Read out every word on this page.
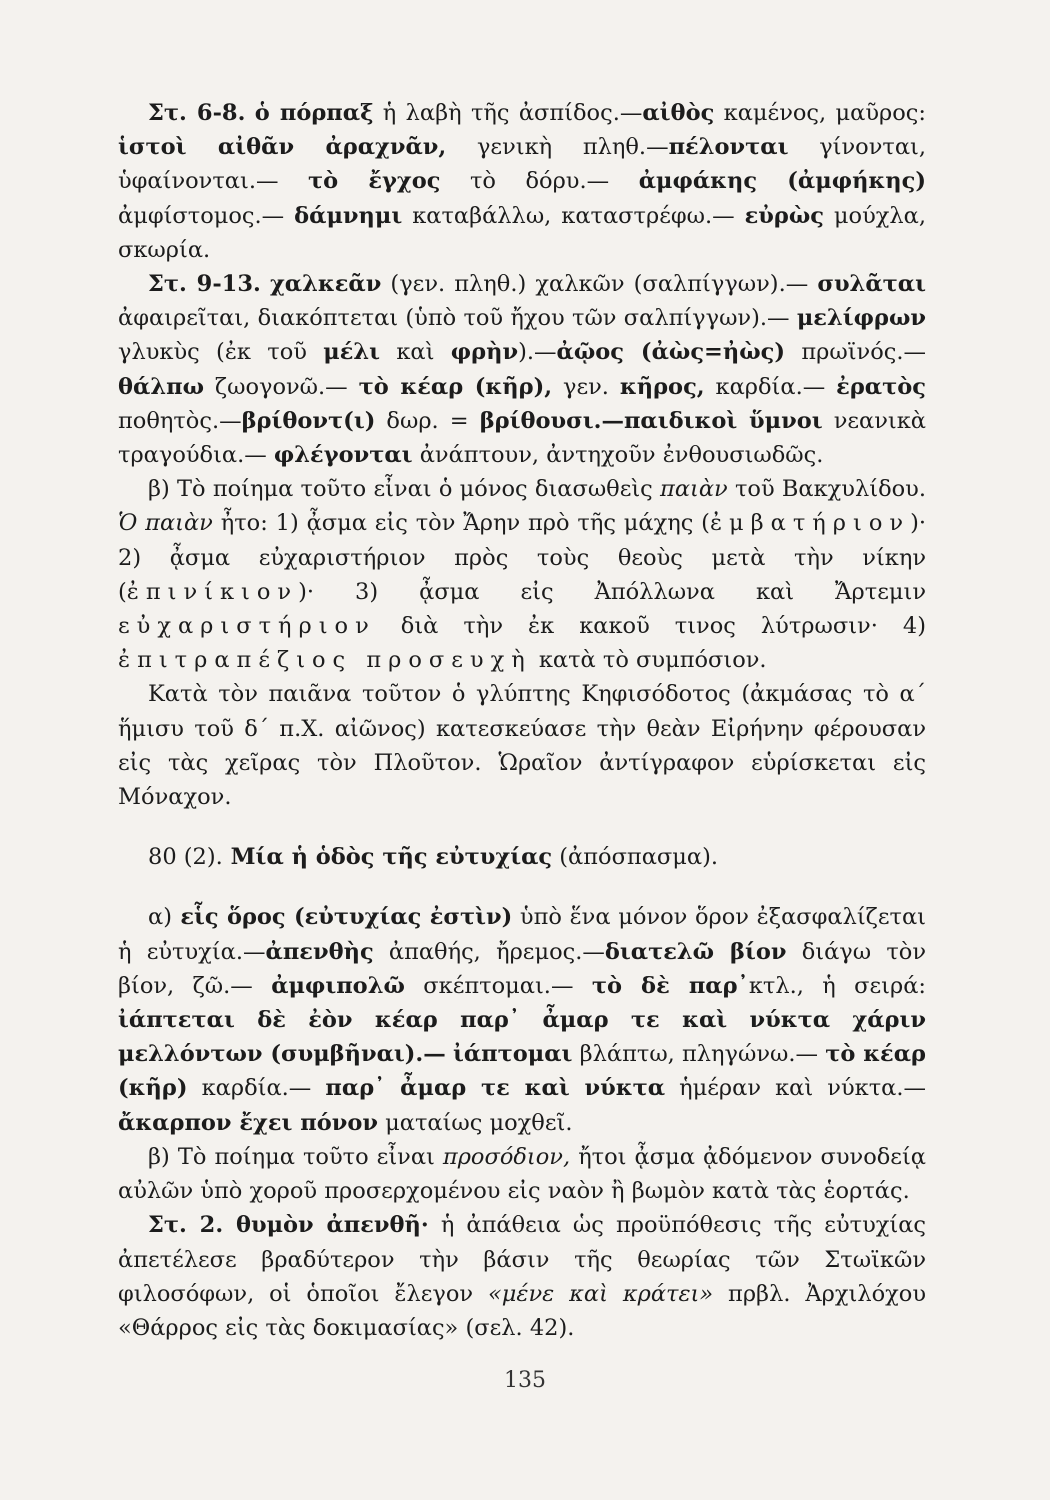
Στ. 6-8. ὁ πόρπαξ ἡ λαβὴ τῆς ἀσπίδος.—αἰθὸς καμένος, μαῦρος: ἱστοὶ αἰθᾶν ἀραχνᾶν, γενικὴ πληθ.—πέλονται γίνονται, ὑφαίνονται.— τὸ ἔγχος τὸ δόρυ.— ἀμφάκης (ἀμφήκης) ἀμφίστομος.— δάμνημι καταβάλλω, καταστρέφω.— εὐρὼς μούχλα, σκωρία.

Στ. 9-13. χαλκεᾶν (γεν. πληθ.) χαλκῶν (σαλπίγγων).— συλᾶται ἀφαιρεῖται, διακόπτεται (ὑπὸ τοῦ ἤχου τῶν σαλπίγγων).— μελίφρων γλυκὺς (ἐκ τοῦ μέλι καὶ φρὴν).—ἀῷος (ἀὼς=ἠὼς) πρωϊνός.— θάλπω ζωογονῶ.— τὸ κέαρ (κῆρ), γεν. κῆρος, καρδία.— ἐρατὸς ποθητὸς.—βρίθοντ(ι) δωρ. = βρίθουσι.—παιδικοὶ ὕμνοι νεανικὰ τραγούδια.— φλέγονται ἀνάπτουν, ἀντηχοῦν ἐνθουσιωδῶς.

β) Τὸ ποίημα τοῦτο εἶναι ὁ μόνος διασωθεὶς παιὰν τοῦ Βακχυλίδου. Ὁ παιὰν ἦτο: 1) ᾆσμα εἰς τὸν Ἄρην πρὸ τῆς μάχης (ἐμβατήριον)· 2) ᾆσμα εὐχαριστήριον πρὸς τοὺς θεοὺς μετὰ τὴν νίκην (ἐπινίκιον)· 3) ᾆσμα εἰς Ἀπόλλωνα καὶ Ἄρτεμιν εὐχαριστήριον διὰ τὴν ἐκ κακοῦ τινος λύτρωσιν· 4) ἐπιτραπέζιος προσευχὴ κατὰ τὸ συμπόσιον.

Κατὰ τὸν παιᾶνα τοῦτον ὁ γλύπτης Κηφισόδοτος (ἀκμάσας τὸ α΄ ἥμισυ τοῦ δ΄ π.Χ. αἰῶνος) κατεσκεύασε τὴν θεὰν Εἰρήνην φέρουσαν εἰς τὰς χεῖρας τὸν Πλοῦτον. Ὡραῖον ἀντίγραφον εὑρίσκεται εἰς Μόναχον.

80 (2). Μία ἡ ὁδὸς τῆς εὐτυχίας (ἀπόσπασμα).

α) εἷς ὅρος (εὐτυχίας ἐστὶν) ὑπὸ ἕνα μόνον ὅρον ἐξασφαλίζεται ἡ εὐτυχία.—ἀπενθὴς ἀπαθής, ἤρεμος.—διατελῶ βίον διάγω τὸν βίον, ζῶ.— ἀμφιπολῶ σκέπτομαι.— τὸ δὲ παρ᾽κτλ., ἡ σειρά: ἰάπτεται δὲ ἐὸν κέαρ παρ᾽ ἆμαρ τε καὶ νύκτα χάριν μελλόντων (συμβῆναι).— ἰάπτομαι βλάπτω, πληγώνω.— τὸ κέαρ (κῆρ) καρδία.— παρ᾽ ἆμαρ τε καὶ νύκτα ἡμέραν καὶ νύκτα.— ἄκαρπον ἔχει πόνον ματαίως μοχθεῖ.

β) Τὸ ποίημα τοῦτο εἶναι προσόδιον, ἤτοι ᾆσμα ᾀδόμενον συνοδείᾳ αὐλῶν ὑπὸ χοροῦ προσερχομένου εἰς ναὸν ἢ βωμὸν κατὰ τὰς ἑορτάς.

Στ. 2. θυμὸν ἀπενθῆ· ἡ ἀπάθεια ὡς προϋπόθεσις τῆς εὐτυχίας ἀπετέλεσε βραδύτερον τὴν βάσιν τῆς θεωρίας τῶν Στωϊκῶν φιλοσόφων, οἱ ὁποῖοι ἔλεγον «μένε καὶ κράτει» πρβλ. Ἀρχιλόχου «Θάρρος εἰς τὰς δοκιμασίας» (σελ. 42).

135
